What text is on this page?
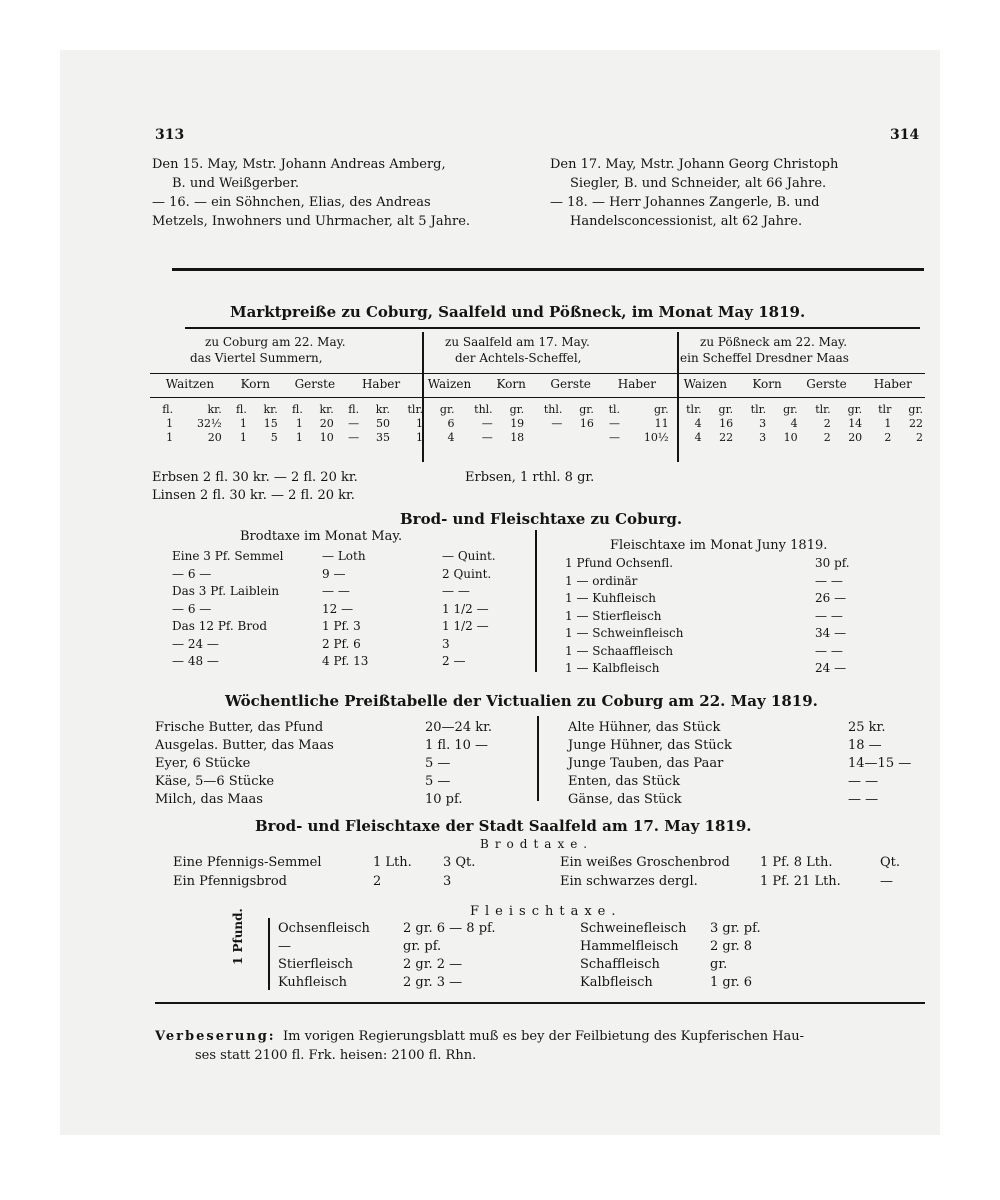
313	314
Den 15. May, Mstr. Johann Andreas Amberg,
B. und Weißgerber.
— 16. — ein Söhnchen, Elias, des Andreas
Metzels, Inwohners und Uhrmacher, alt 5 Jahre.
Den 17. May, Mstr. Johann Georg Christoph
Siegler, B. und Schneider, alt 66 Jahre.
— 18. — Herr Johannes Zangerle, B. und
Handelsconcessionist, alt 62 Jahre.
Marktpreiße zu Coburg, Saalfeld und Pößneck, im Monat May 1819.
zu Coburg am 22. May.
das Viertel Summern,
zu Saalfeld am 17. May.
der Achtels-Scheffel,
zu Pößneck am 22. May.
ein Scheffel Dresdner Maas
Waitzen	Korn	Gerste	Haber	Waizen	Korn	Gerste	Haber	Waizen	Korn	Gerste	Haber
fl.	kr.	fl.	kr.	fl.	kr.	fl.	kr.	tlr.	gr.	thl.	gr.	thl.	gr.	tl.	gr.	tlr.	gr.	tlr.	gr.	tlr.	gr.	tlr	gr.
1	32½	1	15	1	20	—	50	1	6	—	19	—	16	—	11	4	16	3	4	2	14	1	22
1	20	1	5	1	10	—	35	1	4	—	18			—	10½	4	22	3	10	2	20	2	2
Erbsen 2 fl. 30 kr. — 2 fl. 20 kr.
Linsen 2 fl. 30 kr. — 2 fl. 20 kr.
Erbsen, 1 rthl. 8 gr.
Brod- und Fleischtaxe zu Coburg.
Brodtaxe im Monat May.
Fleischtaxe im Monat Juny 1819.
Eine 3 Pf. Semmel	— Loth	— Quint.
— 6 —	9 —	2 Quint.
Das 3 Pf. Laiblein	— —	— —
— 6 —	12 —	1 1/2 —
Das 12 Pf. Brod	1 Pf. 3	1 1/2 —
— 24 —	2 Pf. 6	3
— 48 —	4 Pf. 13	2 —
1 Pfund Ochsenfl.	30 pf.
1 — ordinär	— —
1 — Kuhfleisch	26 —
1 — Stierfleisch	— —
1 — Schweinfleisch	34 —
1 — Schaaffleisch	— —
1 — Kalbfleisch	24 —
Wöchentliche Preißtabelle der Victualien zu Coburg am 22. May 1819.
Frische Butter, das Pfund	20—24 kr.
Ausgelas. Butter, das Maas	1 fl. 10 —
Eyer, 6 Stücke	5 —
Käse, 5—6 Stücke	5 —
Milch, das Maas	10 pf.
Alte Hühner, das Stück	25 kr.
Junge Hühner, das Stück	18 —
Junge Tauben, das Paar	14—15 —
Enten, das Stück	— —
Gänse, das Stück	— —
Brod- und Fleischtaxe der Stadt Saalfeld am 17. May 1819.
Brodtaxe.
Eine Pfennigs-Semmel	1 Lth.	3 Qt.
Ein Pfennigsbrod	2	3
Ein weißes Groschenbrod	1 Pf. 8 Lth.	Qt.
Ein schwarzes dergl.	1 Pf. 21 Lth.	—
Fleischtaxe.
1 Pfund.	Ochsenfleisch	2 gr. 6 — 8 pf.
—	gr. pf.
Stierfleisch	2 gr. 2 —
Kuhfleisch	2 gr. 3 —
Schweinefleisch	3 gr. pf.
Hammelfleisch	2 gr. 8
Schaffleisch	gr.
Kalbfleisch	1 gr. 6
Verbeserung: Im vorigen Regierungsblatt muß es bey der Feilbietung des Kupferischen Hau-
ses statt 2100 fl. Frk. heisen: 2100 fl. Rhn.
